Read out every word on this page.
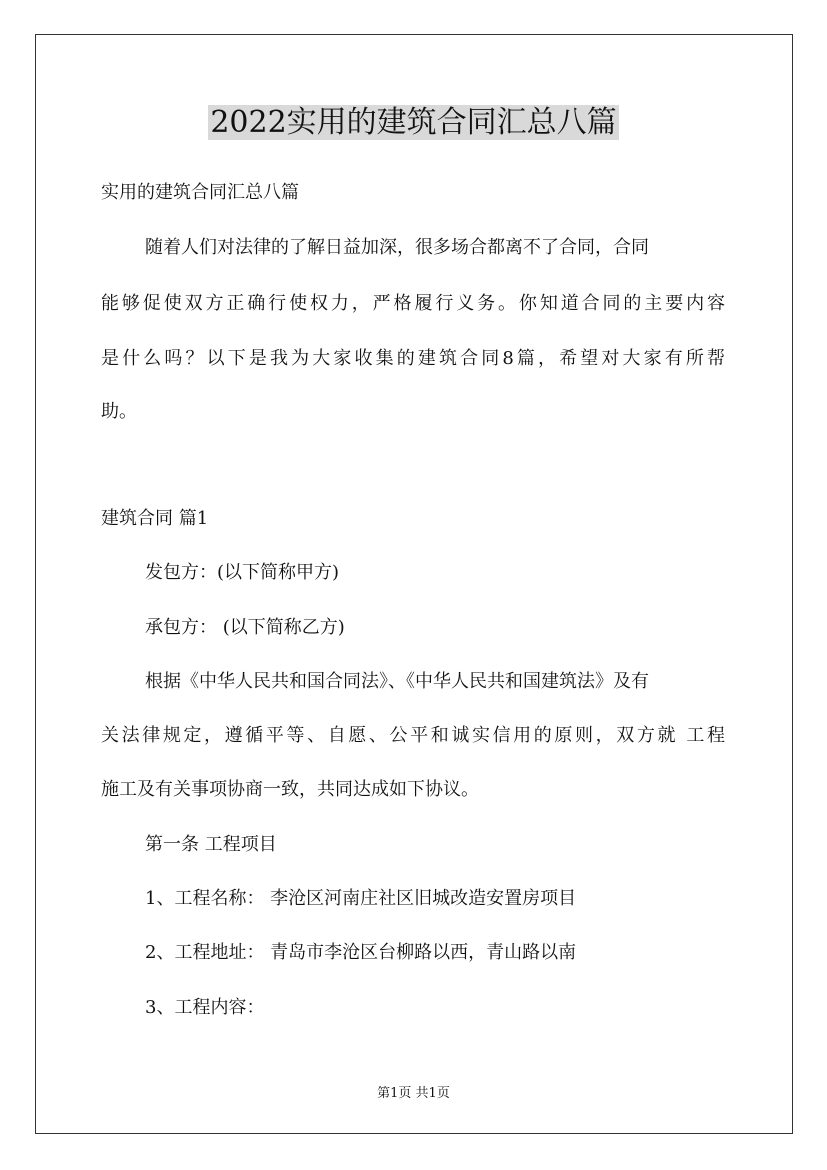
2022实用的建筑合同汇总八篇
实用的建筑合同汇总八篇
随着人们对法律的了解日益加深，很多场合都离不了合同，合同
能够促使双方正确行使权力，严格履行义务。你知道合同的主要内容
是什么吗？以下是我为大家收集的建筑合同8篇，希望对大家有所帮
助。
建筑合同 篇1
发包方：(以下简称甲方)
承包方： (以下简称乙方)
根据《中华人民共和国合同法》、《中华人民共和国建筑法》及有
关法律规定，遵循平等、自愿、公平和诚实信用的原则，双方就 工程
施工及有关事项协商一致，共同达成如下协议。
第一条 工程项目
1、工程名称： 李沧区河南庄社区旧城改造安置房项目
2、工程地址： 青岛市李沧区台柳路以西，青山路以南
3、工程内容：
第1页 共1页
